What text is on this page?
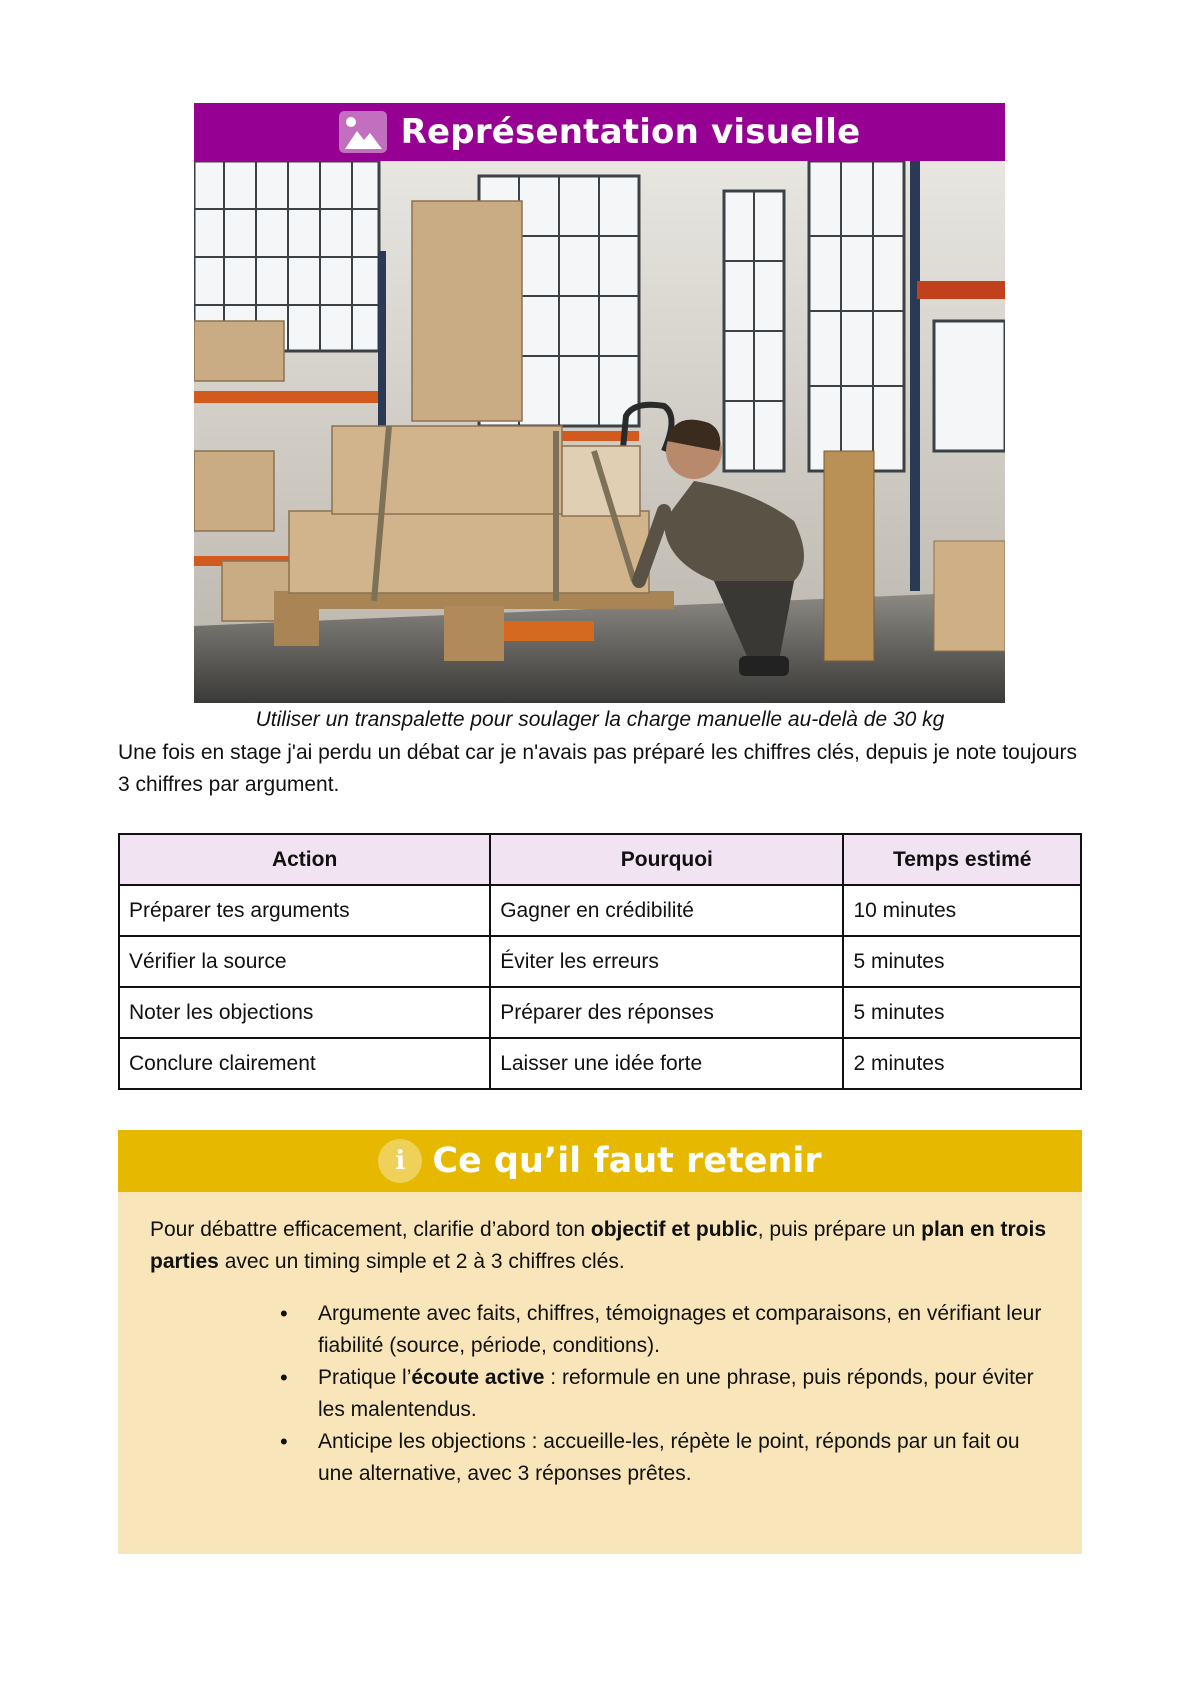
Représentation visuelle
Utiliser un transpalette pour soulager la charge manuelle au-delà de 30 kg

Une fois en stage j'ai perdu un débat car je n'avais pas préparé les chiffres clés, depuis je note toujours 3 chiffres par argument.

Action	Pourquoi	Temps estimé
Préparer tes arguments	Gagner en crédibilité	10 minutes
Vérifier la source	Éviter les erreurs	5 minutes
Noter les objections	Préparer des réponses	5 minutes
Conclure clairement	Laisser une idée forte	2 minutes
i Ce qu’il faut retenir

Pour débattre efficacement, clarifie d’abord ton objectif et public, puis prépare un plan en trois parties avec un timing simple et 2 à 3 chiffres clés.

• Argumente avec faits, chiffres, témoignages et comparaisons, en vérifiant leur fiabilité (source, période, conditions).
• Pratique l’écoute active : reformule en une phrase, puis réponds, pour éviter les malentendus.
• Anticipe les objections : accueille-les, répète le point, réponds par un fait ou une alternative, avec 3 réponses prêtes.
